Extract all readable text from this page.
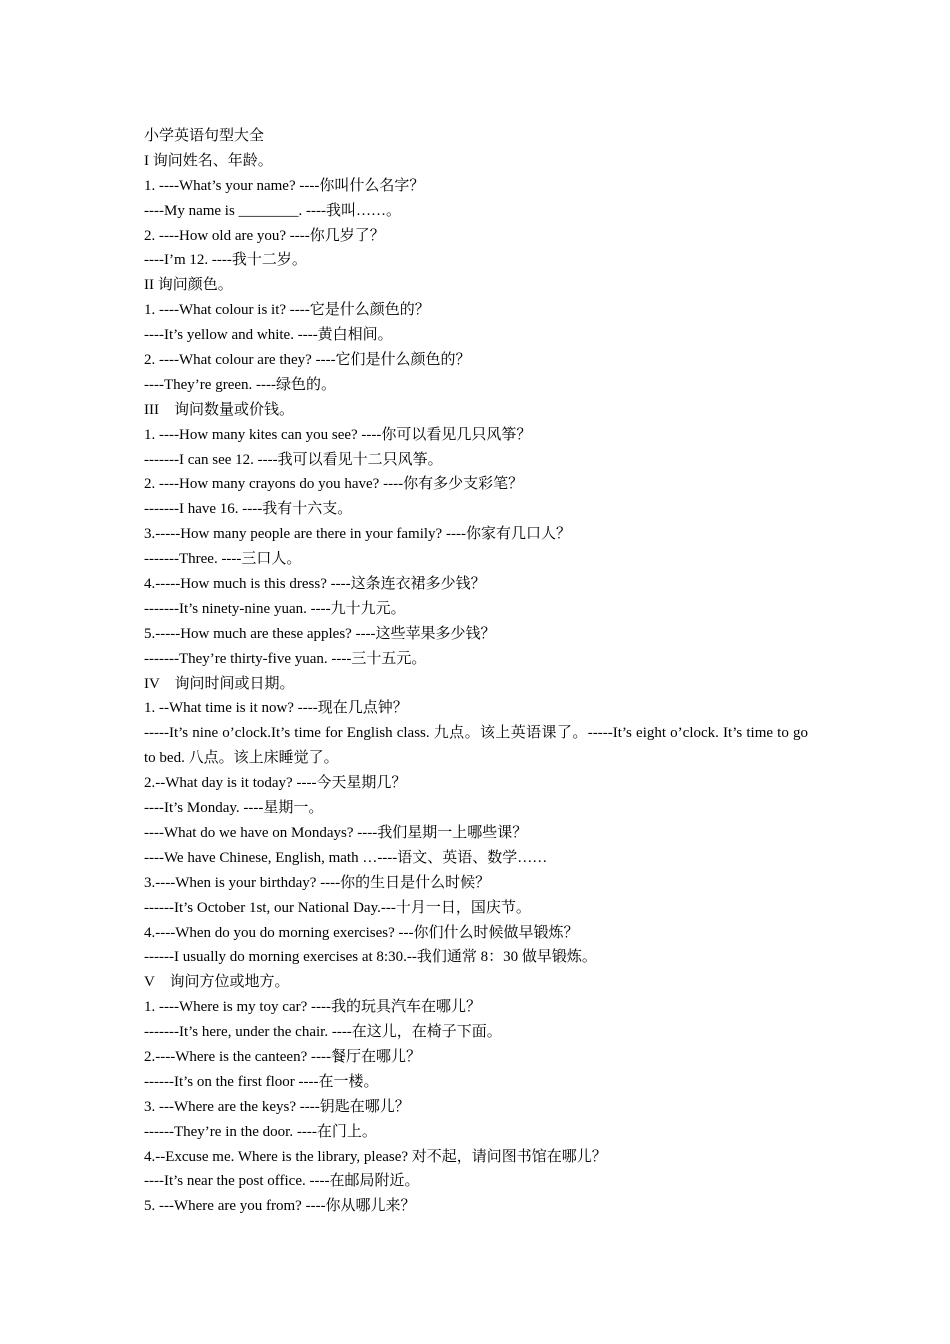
小学英语句型大全
I 询问姓名、年龄。
1. ----What’s your name? ----你叫什么名字？
----My name is ________. ----我叫……。
2. ----How old are you? ----你几岁了？
----I’m 12. ----我十二岁。
II 询问颜色。
1. ----What colour is it? ----它是什么颜色的？
----It’s yellow and white. ----黄白相间。
2. ----What colour are they? ----它们是什么颜色的？
----They’re green. ----绿色的。
III　询问数量或价钱。
1. ----How many kites can you see? ----你可以看见几只风筝？
-------I can see 12. ----我可以看见十二只风筝。
2. ----How many crayons do you have? ----你有多少支彩笔？
-------I have 16. ----我有十六支。
3.-----How many people are there in your family? ----你家有几口人？
-------Three. ----三口人。
4.-----How much is this dress? ----这条连衣裙多少钱？
-------It’s ninety-nine yuan. ----九十九元。
5.-----How much are these apples? ----这些苹果多少钱？
-------They’re thirty-five yuan. ----三十五元。
IV　询问时间或日期。
1. --What time is it now? ----现在几点钟？
-----It’s nine o’clock.It’s time for English class. 九点。该上英语课了。-----It’s eight o’clock. It’s time to go to bed. 八点。该上床睡觉了。
2.--What day is it today? ----今天星期几？
----It’s Monday. ----星期一。
----What do we have on Mondays? ----我们星期一上哪些课？
----We have Chinese, English, math …----语文、英语、数学……
3.----When is your birthday? ----你的生日是什么时候？
------It’s October 1st, our National Day.---十月一日，国庆节。
4.----When do you do morning exercises? ---你们什么时候做早锻炼？
------I usually do morning exercises at 8:30.--我们通常 8：30 做早锻炼。
V　询问方位或地方。
1. ----Where is my toy car? ----我的玩具汽车在哪儿？
-------It’s here, under the chair. ----在这儿，在椅子下面。
2.----Where is the canteen? ----餐厅在哪儿？
------It’s on the first floor ----在一楼。
3. ---Where are the keys? ----钥匙在哪儿？
------They’re in the door. ----在门上。
4.--Excuse me. Where is the library, please? 对不起，请问图书馆在哪儿？
----It’s near the post office. ----在邮局附近。
5. ---Where are you from? ----你从哪儿来？
